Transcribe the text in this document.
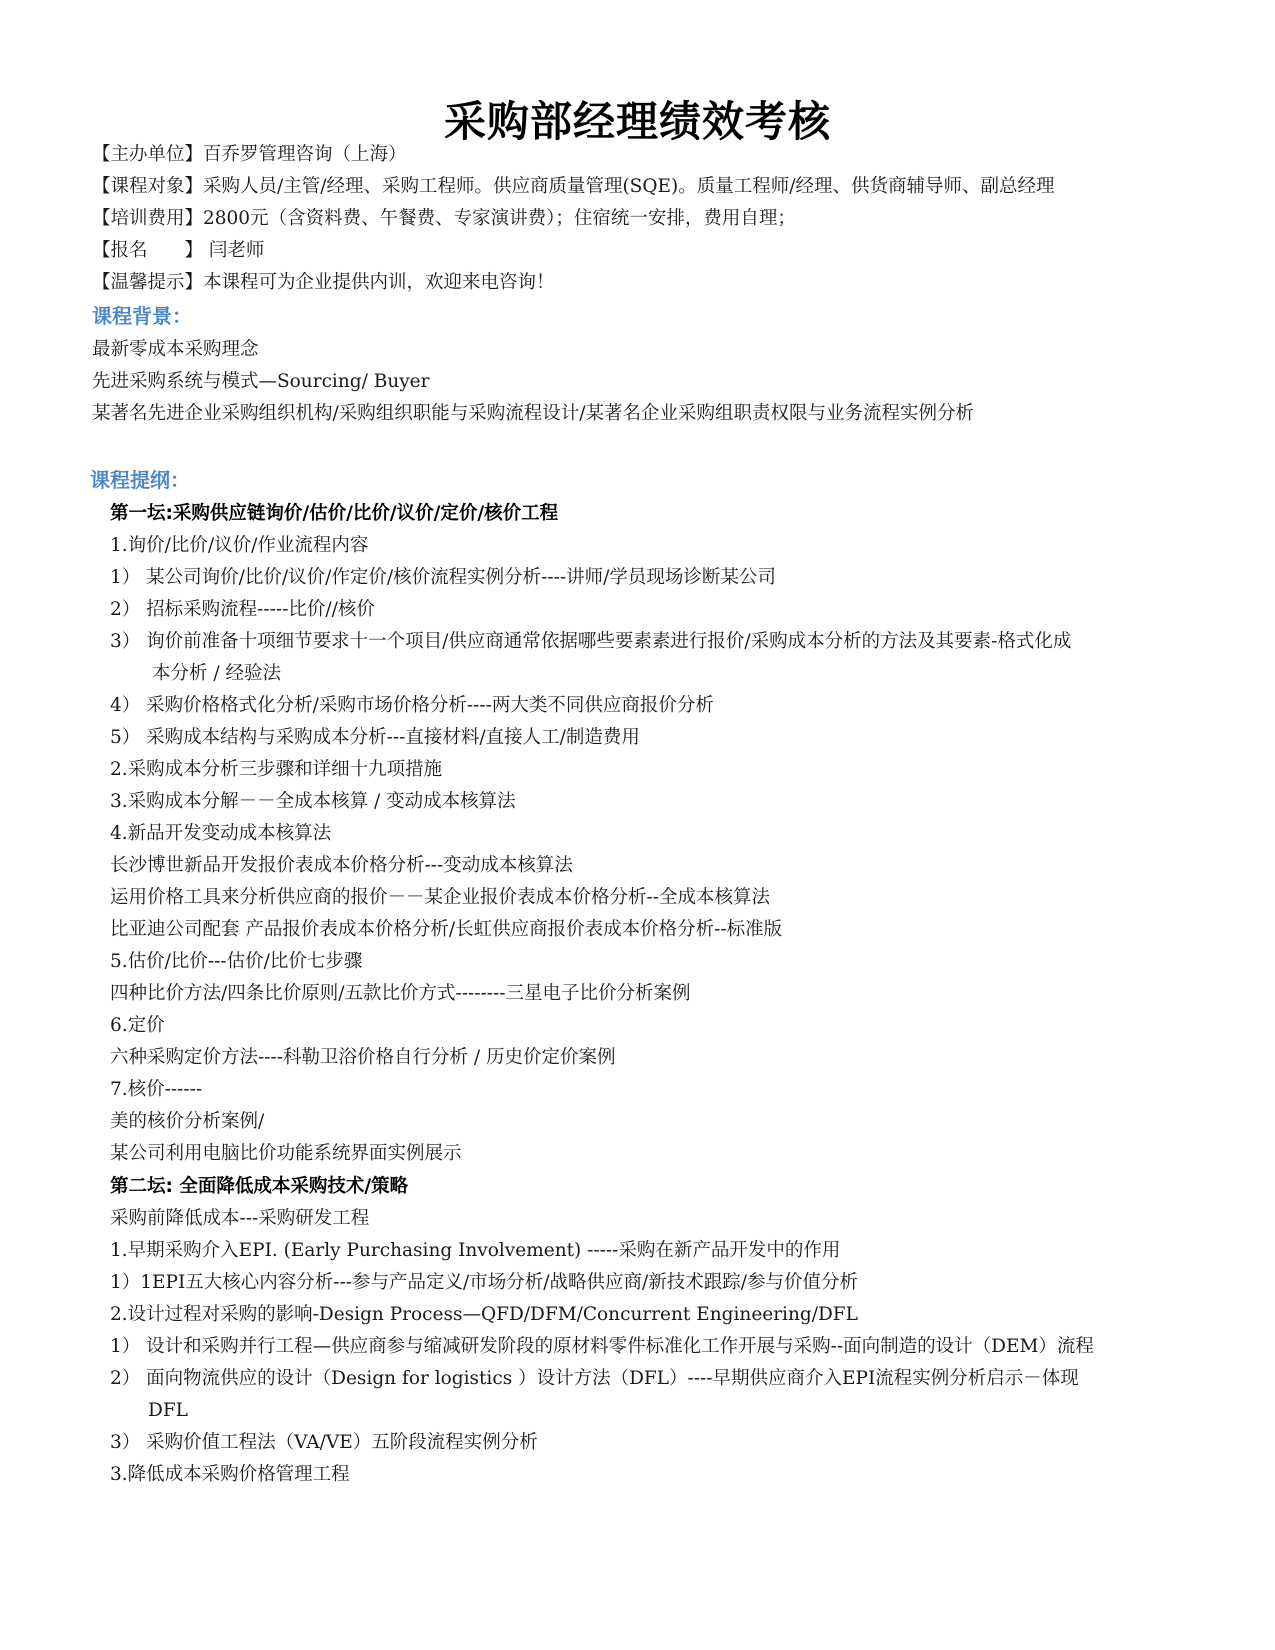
采购部经理绩效考核
【主办单位】百乔罗管理咨询（上海）
【课程对象】采购人员/主管/经理、采购工程师。供应商质量管理(SQE)。质量工程师/经理、供货商辅导师、副总经理
【培训费用】2800元（含资料费、午餐费、专家演讲费）；住宿统一安排，费用自理；
【报名　　】 闫老师
【温馨提示】本课程可为企业提供内训，欢迎来电咨询！
课程背景：
最新零成本采购理念
先进采购系统与模式—Sourcing/ Buyer
某著名先进企业采购组织机构/采购组织职能与采购流程设计/某著名企业采购组职责权限与业务流程实例分析
课程提纲：
第一坛:采购供应链询价/估价/比价/议价/定价/核价工程
1.询价/比价/议价/作业流程内容
1） 某公司询价/比价/议价/作定价/核价流程实例分析----讲师/学员现场诊断某公司
2） 招标采购流程-----比价//核价
3） 询价前准备十项细节要求十一个项目/供应商通常依据哪些要素素进行报价/采购成本分析的方法及其要素-格式化成
本分析 / 经验法
4） 采购价格格式化分析/采购市场价格分析----两大类不同供应商报价分析
5） 采购成本结构与采购成本分析---直接材料/直接人工/制造费用
2.采购成本分析三步骤和详细十九项措施
3.采购成本分解－－全成本核算 / 变动成本核算法
4.新品开发变动成本核算法
长沙博世新品开发报价表成本价格分析---变动成本核算法
运用价格工具来分析供应商的报价－－某企业报价表成本价格分析--全成本核算法
比亚迪公司配套 产品报价表成本价格分析/长虹供应商报价表成本价格分析--标准版
5.估价/比价---估价/比价七步骤
四种比价方法/四条比价原则/五款比价方式--------三星电子比价分析案例
6.定价
六种采购定价方法----科勒卫浴价格自行分析 / 历史价定价案例
7.核价------
美的核价分析案例/
某公司利用电脑比价功能系统界面实例展示
第二坛: 全面降低成本采购技术/策略
采购前降低成本---采购研发工程
1.早期采购介入EPI. (Early Purchasing Involvement) -----采购在新产品开发中的作用
1）1EPI五大核心内容分析---参与产品定义/市场分析/战略供应商/新技术跟踪/参与价值分析
2.设计过程对采购的影响-Design Process—QFD/DFM/Concurrent Engineering/DFL
1） 设计和采购并行工程—供应商参与缩减研发阶段的原材料零件标准化工作开展与采购--面向制造的设计（DEM）流程
2） 面向物流供应的设计（Design for logistics ）设计方法（DFL）----早期供应商介入EPI流程实例分析启示－体现
DFL
3） 采购价值工程法（VA/VE）五阶段流程实例分析
3.降低成本采购价格管理工程
